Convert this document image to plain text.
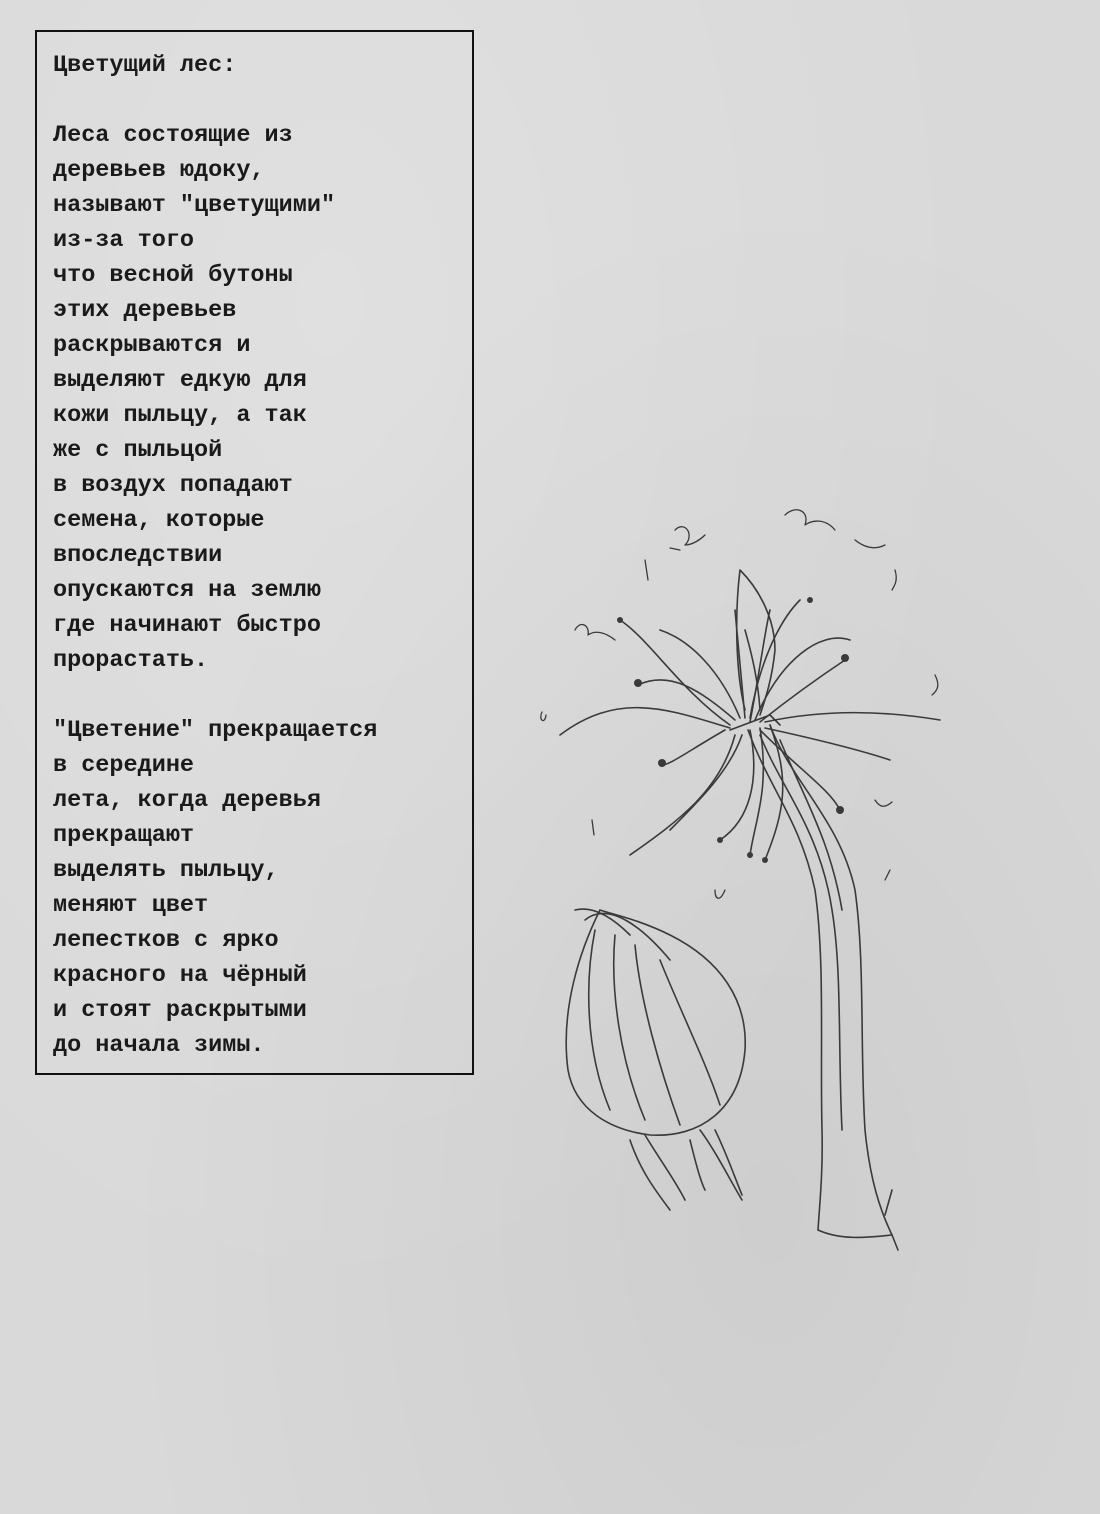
Цветущий лес:
Леса состоящие из
деревьев юдоку,
называют "цветущими"
из-за того
что весной бутоны
этих деревьев
раскрываются и
выделяют едкую для
кожи пыльцу, а так
же с пыльцой
в воздух попадают
семена, которые
впоследствии
опускаются на землю
где начинают быстро
прорастать.
"Цветение" прекращается
в середине
лета, когда деревья
прекращают
выделять пыльцу,
меняют цвет
лепестков с ярко
красного на чёрный
и стоят раскрытыми
до начала зимы.
